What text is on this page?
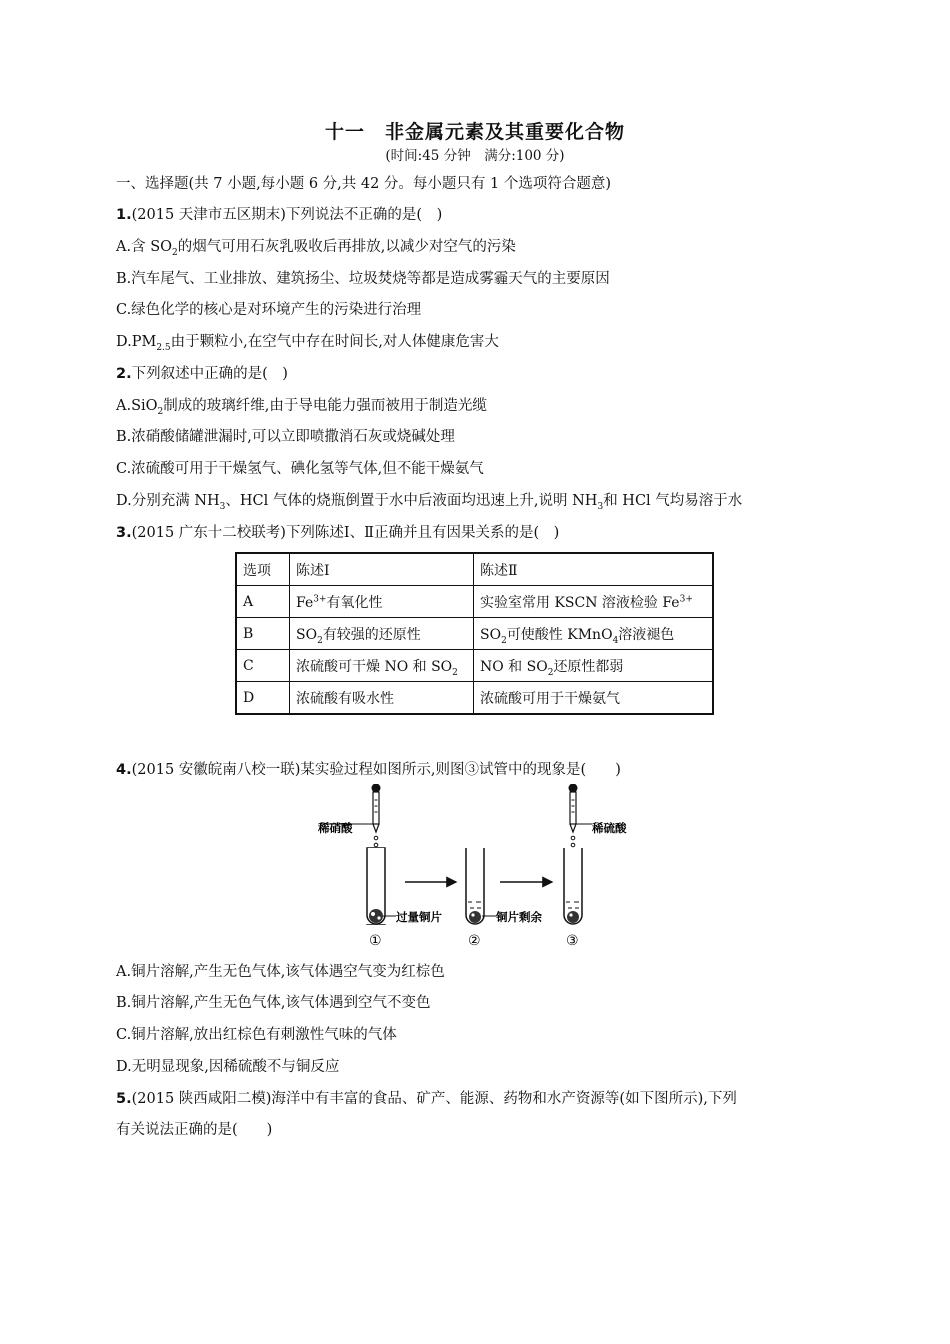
十一　非金属元素及其重要化合物
(时间:45 分钟　满分:100 分)
一、选择题(共 7 小题,每小题 6 分,共 42 分。每小题只有 1 个选项符合题意)
1.(2015 天津市五区期末)下列说法不正确的是(　)
A.含 $SO_2$的烟气可用石灰乳吸收后再排放,以减少对空气的污染
B.汽车尾气、工业排放、建筑扬尘、垃圾焚烧等都是造成雾霾天气的主要原因
C.绿色化学的核心是对环境产生的污染进行治理
$D.PM_{2.5}$由于颗粒小,在空气中存在时间长,对人体健康危害大
2.下列叙述中正确的是(　)
A.SiO$_2$制成的玻璃纤维,由于导电能力强而被用于制造光缆
B.浓硝酸储罐泄漏时,可以立即喷撒消石灰或烧碱处理
C.浓硫酸可用于干燥氢气、碘化氢等气体,但不能干燥氨气
D.分别充满 $NH_3$、HCl 气体的烧瓶倒置于水中后液面均迅速上升,说明 $NH_3$和 HCl 气均易溶于水
3.(2015 广东十二校联考)下列陈述Ⅰ、Ⅱ正确并且有因果关系的是(　)
选项	陈述Ⅰ	陈述Ⅱ
A	$Fe^{3+}$有氧化性	实验室常用 KSCN 溶液检验 $Fe^{3+}$
B	$SO_2$有较强的还原性	$SO_2$可使酸性 KMnO$_4$溶液褪色
C	浓硫酸可干燥 NO 和 $SO_2$	NO 和 $SO_2$还原性都弱
D	浓硫酸有吸水性	浓硫酸可用于干燥氨气
4.(2015 安徽皖南八校一联)某实验过程如图所示,则图③试管中的现象是(　　)
稀硝酸
过量铜片
①
铜片剩余
②
稀硫酸
③
A.铜片溶解,产生无色气体,该气体遇空气变为红棕色
B.铜片溶解,产生无色气体,该气体遇到空气不变色
C.铜片溶解,放出红棕色有刺激性气味的气体
D.无明显现象,因稀硫酸不与铜反应
5.(2015 陕西咸阳二模)海洋中有丰富的食品、矿产、能源、药物和水产资源等(如下图所示),下列
有关说法正确的是(　　)
